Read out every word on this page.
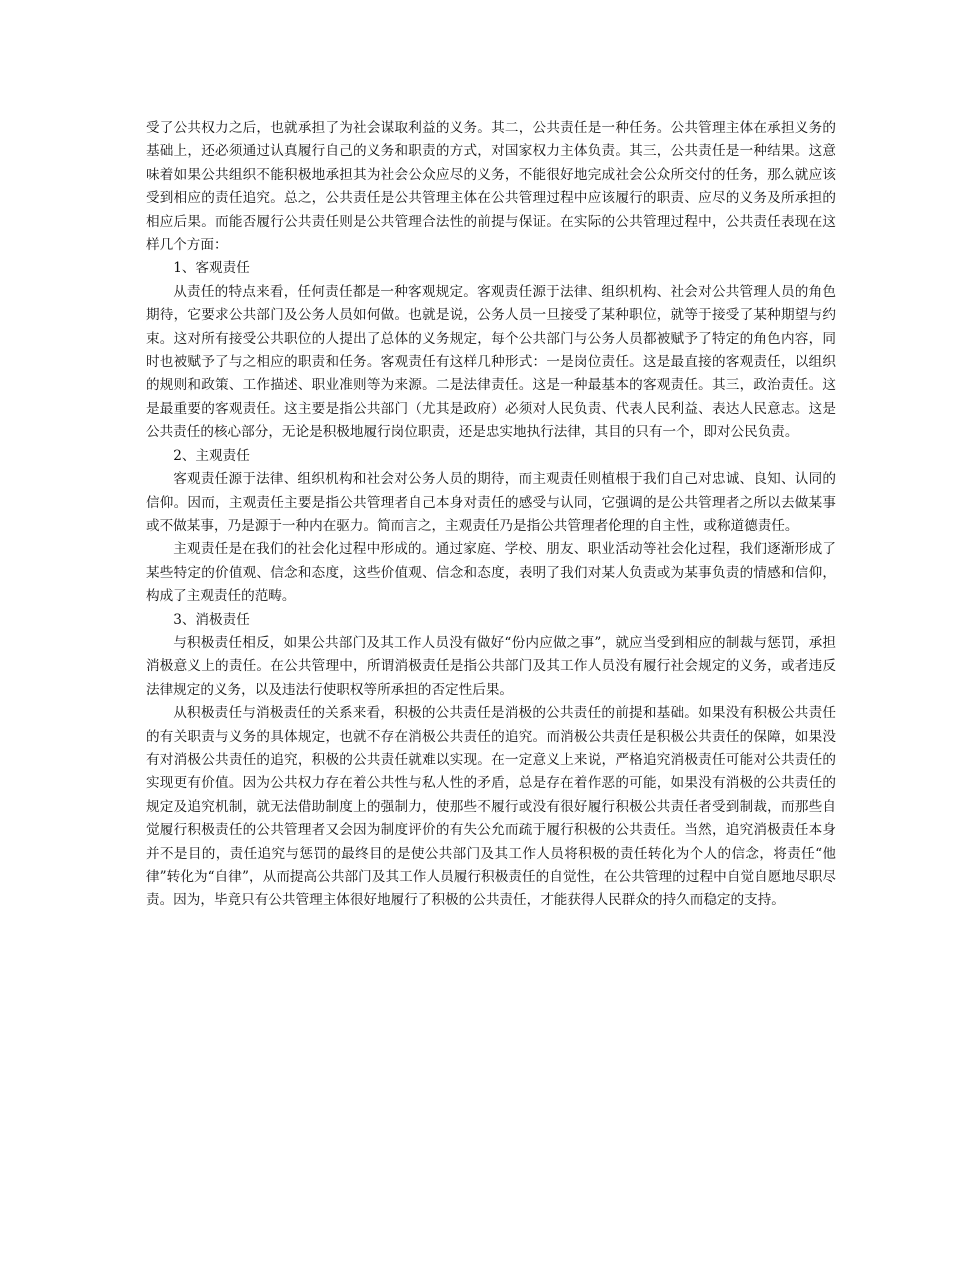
受了公共权力之后，也就承担了为社会谋取利益的义务。其二，公共责任是一种任务。公共管理主体在承担义务的基础上，还必须通过认真履行自己的义务和职责的方式，对国家权力主体负责。其三，公共责任是一种结果。这意味着如果公共组织不能积极地承担其为社会公众应尽的义务，不能很好地完成社会公众所交付的任务，那么就应该受到相应的责任追究。总之，公共责任是公共管理主体在公共管理过程中应该履行的职责、应尽的义务及所承担的相应后果。而能否履行公共责任则是公共管理合法性的前提与保证。在实际的公共管理过程中，公共责任表现在这样几个方面：

1、客观责任

从责任的特点来看，任何责任都是一种客观规定。客观责任源于法律、组织机构、社会对公共管理人员的角色期待，它要求公共部门及公务人员如何做。也就是说，公务人员一旦接受了某种职位，就等于接受了某种期望与约束。这对所有接受公共职位的人提出了总体的义务规定，每个公共部门与公务人员都被赋予了特定的角色内容，同时也被赋予了与之相应的职责和任务。客观责任有这样几种形式：一是岗位责任。这是最直接的客观责任，以组织的规则和政策、工作描述、职业准则等为来源。二是法律责任。这是一种最基本的客观责任。其三，政治责任。这是最重要的客观责任。这主要是指公共部门（尤其是政府）必须对人民负责、代表人民利益、表达人民意志。这是公共责任的核心部分，无论是积极地履行岗位职责，还是忠实地执行法律，其目的只有一个，即对公民负责。

2、主观责任

客观责任源于法律、组织机构和社会对公务人员的期待，而主观责任则植根于我们自己对忠诚、良知、认同的信仰。因而，主观责任主要是指公共管理者自己本身对责任的感受与认同，它强调的是公共管理者之所以去做某事或不做某事，乃是源于一种内在驱力。简而言之，主观责任乃是指公共管理者伦理的自主性，或称道德责任。

主观责任是在我们的社会化过程中形成的。通过家庭、学校、朋友、职业活动等社会化过程，我们逐渐形成了某些特定的价值观、信念和态度，这些价值观、信念和态度，表明了我们对某人负责或为某事负责的情感和信仰，构成了主观责任的范畴。

3、消极责任

与积极责任相反，如果公共部门及其工作人员没有做好“份内应做之事”，就应当受到相应的制裁与惩罚，承担消极意义上的责任。在公共管理中，所谓消极责任是指公共部门及其工作人员没有履行社会规定的义务，或者违反法律规定的义务，以及违法行使职权等所承担的否定性后果。

从积极责任与消极责任的关系来看，积极的公共责任是消极的公共责任的前提和基础。如果没有积极公共责任的有关职责与义务的具体规定，也就不存在消极公共责任的追究。而消极公共责任是积极公共责任的保障，如果没有对消极公共责任的追究，积极的公共责任就难以实现。在一定意义上来说，严格追究消极责任可能对公共责任的实现更有价值。因为公共权力存在着公共性与私人性的矛盾，总是存在着作恶的可能，如果没有消极的公共责任的规定及追究机制，就无法借助制度上的强制力，使那些不履行或没有很好履行积极公共责任者受到制裁，而那些自觉履行积极责任的公共管理者又会因为制度评价的有失公允而疏于履行积极的公共责任。当然，追究消极责任本身并不是目的，责任追究与惩罚的最终目的是使公共部门及其工作人员将积极的责任转化为个人的信念，将责任“他律”转化为“自律”，从而提高公共部门及其工作人员履行积极责任的自觉性，在公共管理的过程中自觉自愿地尽职尽责。因为，毕竟只有公共管理主体很好地履行了积极的公共责任，才能获得人民群众的持久而稳定的支持。
